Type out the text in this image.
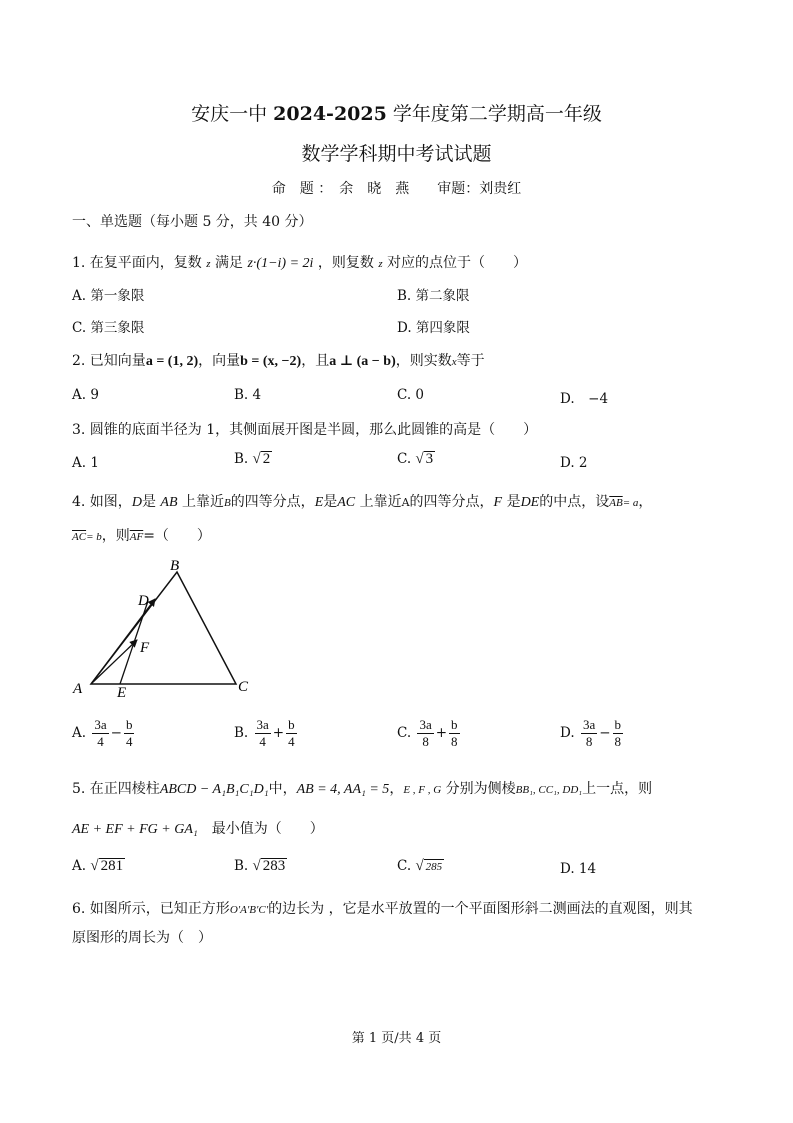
安庆一中 2024-2025 学年度第二学期高一年级
数学学科期中考试试题
命　题 ：　余　晓　燕　　审题：刘贵红
一、单选题（每小题 5 分，共 40 分）
1. 在复平面内，复数 z 满足 z·(1−i) = 2i ，则复数 z 对应的点位于（　　）
A. 第一象限	B. 第二象限
C. 第三象限	D. 第四象限
2. 已知向量a = (1, 2)，向量b = (x, −2)，且a ⊥ (a − b)，则实数x等于
A. 9	B. 4	C. 0	D.　−4
3. 圆锥的底面半径为 1，其侧面展开图是半圆，那么此圆锥的高是（　　）
A. 1	B. √ 2	C. √ 3	D. 2
4. 如图，D是 AB 上靠近B的四等分点，E是AC 上靠近A的四等分点，F 是DE的中点，设$\overline{AB}= a$，
$\overline{AC}= b$，则$\overline{AF}=$（　　）
B
D
F
A E	C
A. $\frac{3a}{4} - \frac{b}{4}$	B. $\frac{3a}{4} + \frac{b}{4}$	C. $\frac{3a}{8} + \frac{b}{8}$	D. $\frac{3a}{8} - \frac{b}{8}$
5. 在正四棱柱ABCD − A₁B₁C₁D₁中，AB = 4, AA₁ = 5，E , F , G 分别为侧棱BB₁, CC₁, DD₁上一点，则
AE + EF + FG + GA₁　 最小值为（　　）
A. √ 281	B. √ 283	C. √ 285	D. 14
6. 如图所示，已知正方形O′A′B′C′的边长为 ，它是水平放置的一个平面图形斜二测画法的直观图，则其
原图形的周长为（　）
第 1 页/共 4 页
